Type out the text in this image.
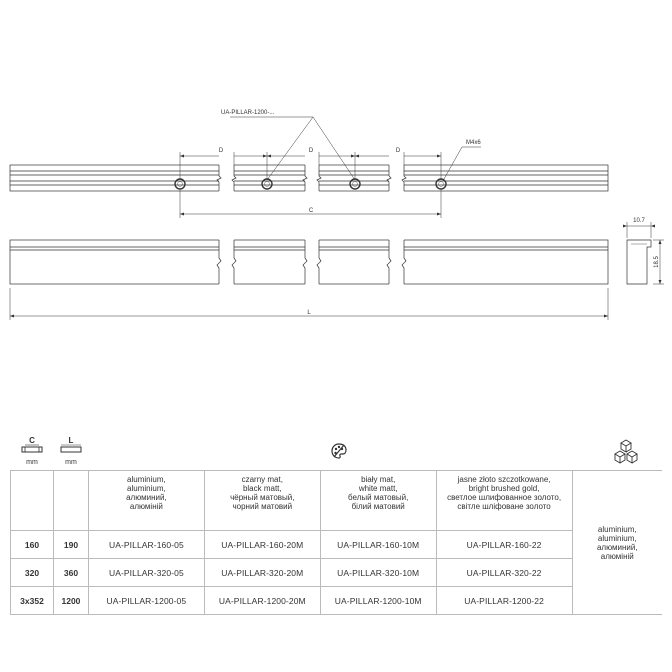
UA-PILLAR-1200-...
D	D	D
M4x6
C
L
10.7
18.5
C
mm
L
mm
		aluminium,
aluminium,
алюминий,
алюміній	czarny mat,
black matt,
чёрный матовый,
чорний матовий	biały mat,
white matt,
белый матовый,
білий матовий	jasne złoto szczotkowane,
bright brushed gold,
светлое шлифованное золото,
світле шліфоване золото	aluminium,
aluminium,
алюминий,
алюміній
160	190	UA-PILLAR-160-05	UA-PILLAR-160-20M	UA-PILLAR-160-10M	UA-PILLAR-160-22	
320	360	UA-PILLAR-320-05	UA-PILLAR-320-20M	UA-PILLAR-320-10M	UA-PILLAR-320-22	
3x352	1200	UA-PILLAR-1200-05	UA-PILLAR-1200-20M	UA-PILLAR-1200-10M	UA-PILLAR-1200-22	
